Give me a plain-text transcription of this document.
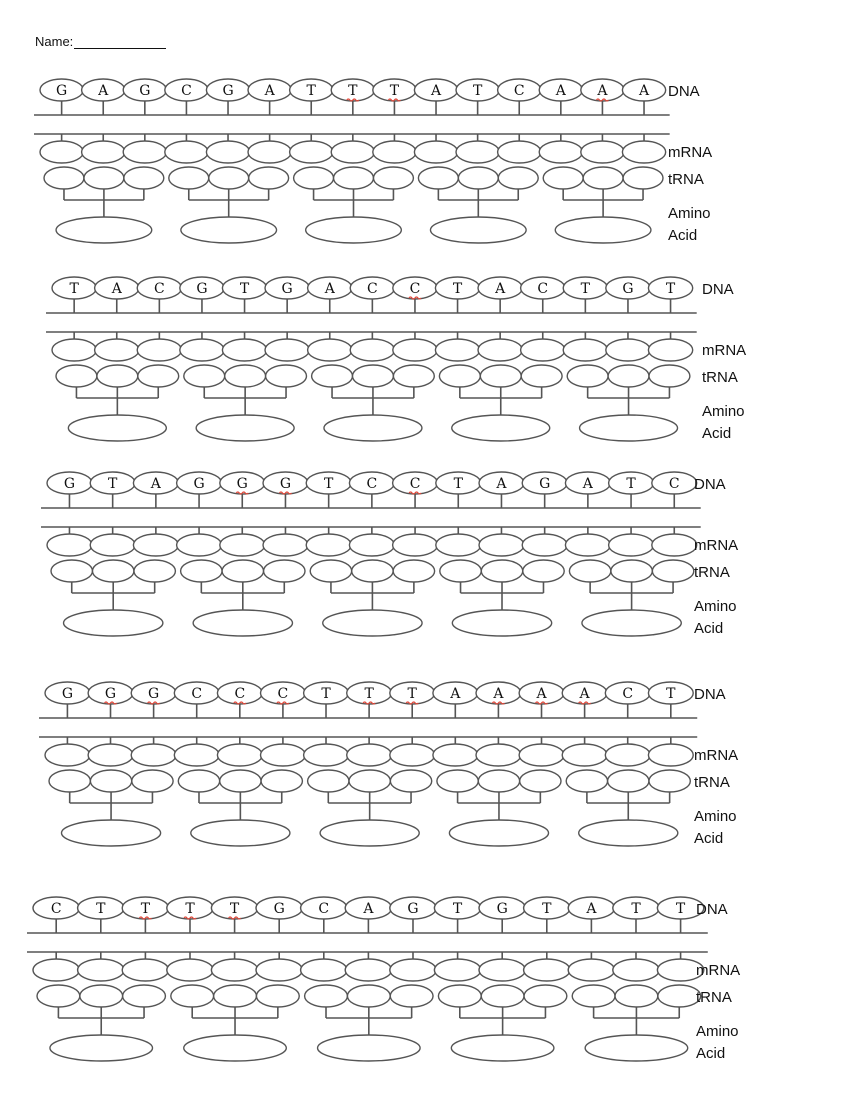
Name:
G A G C G A T T T A T C A A A DNA
mRNA
tRNA
Amino
Acid
T A C G T G A C C T A C T G T DNA
mRNA
tRNA
Amino
Acid
G T A G G G T C C T A G A T C DNA
mRNA
tRNA
Amino
Acid
G G G C C C T T T A A A A C T DNA
mRNA
tRNA
Amino
Acid
C T	T	T	T G C A G T G T A T	T DNA
mRNA
tRNA
Amino
Acid
